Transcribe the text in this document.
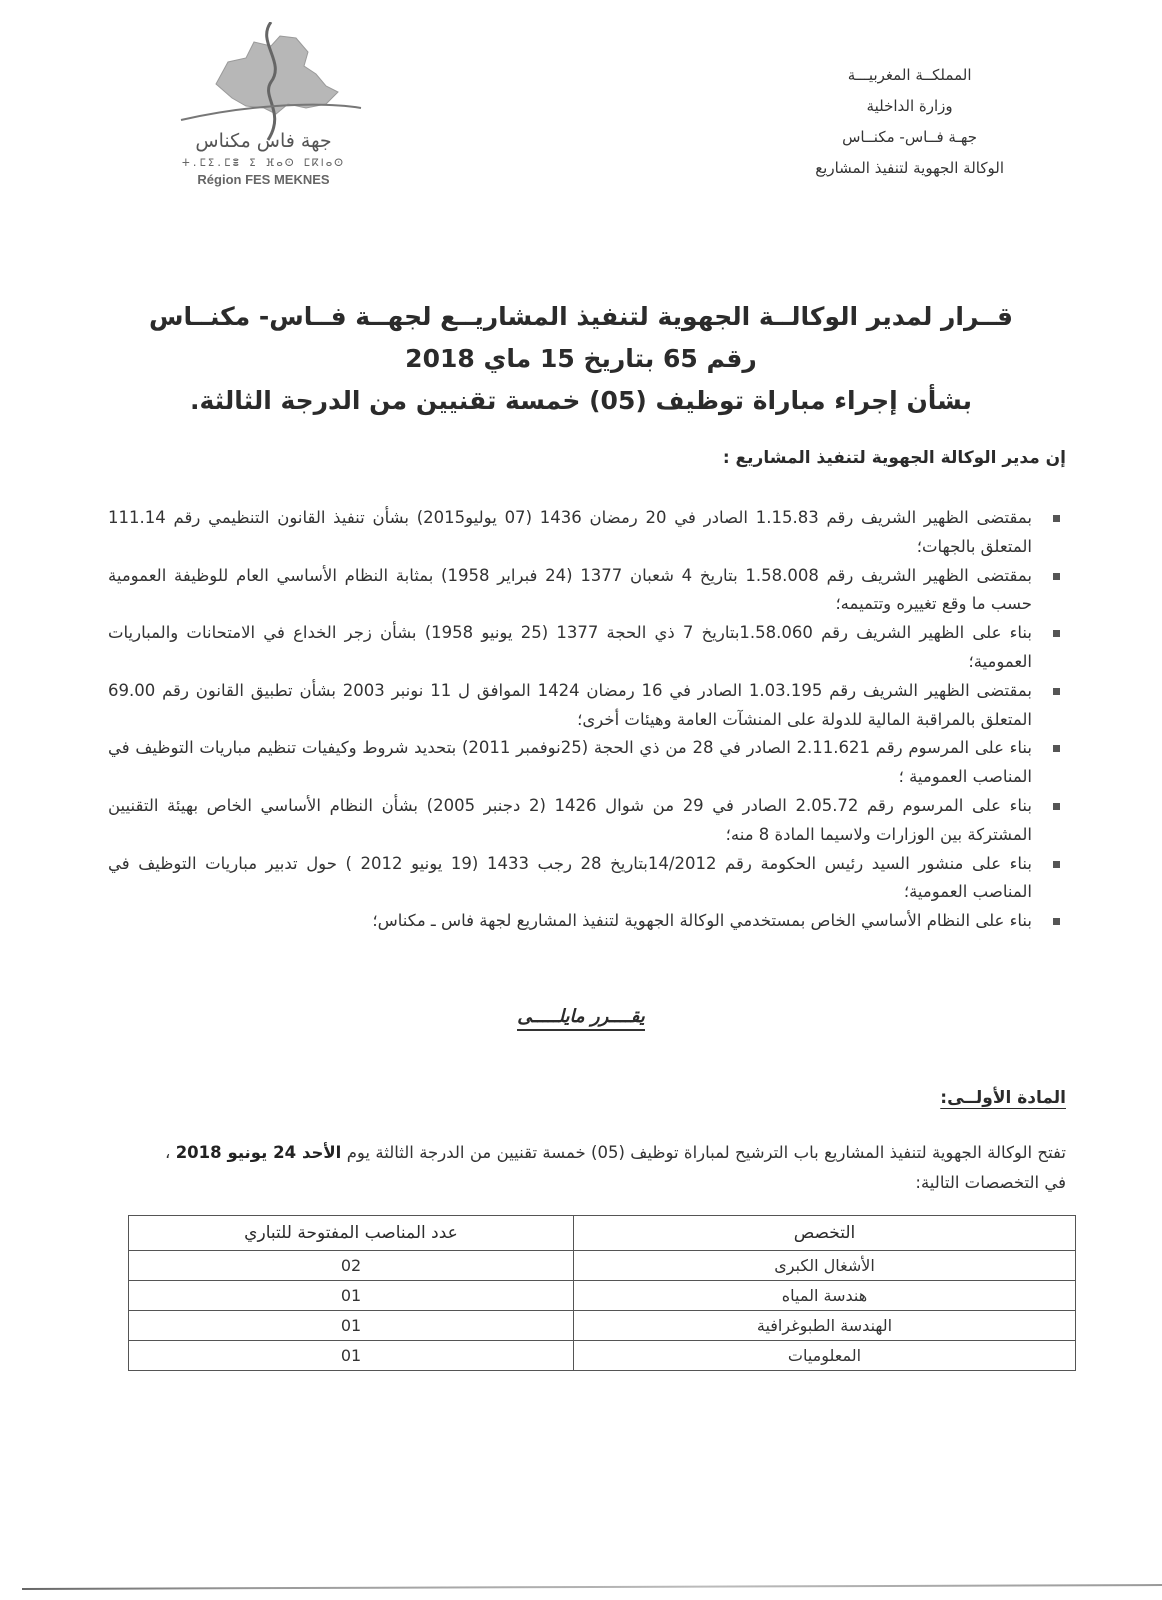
جهة فاس مكناس
ⵜ.ⵎⵉ.ⵎⴻ ⵉ ⴼⴰⵙ ⵎⴽⵏⴰⵙ
Région FES MEKNES
المملكــة المغربيـــة
وزارة الداخلية
جهـة فــاس- مكنــاس
الوكالة الجهوية لتنفيذ المشاريع
قــرار لمدير الوكالــة الجهوية لتنفيذ المشاريــع لجهــة فــاس- مكنــاس
رقم 65 بتاريخ 15 ماي 2018
بشأن إجراء مباراة توظيف (05) خمسة تقنيين من الدرجة الثالثة.
إن مدير الوكالة الجهوية لتنفيذ المشاريع :
بمقتضى الظهير الشريف رقم 1.15.83 الصادر في 20 رمضان 1436 (07 يوليو2015) بشأن تنفيذ القانون التنظيمي رقم 111.14 المتعلق بالجهات؛
بمقتضى الظهير الشريف رقم 1.58.008 بتاريخ 4 شعبان 1377 (24 فبراير 1958) بمثابة النظام الأساسي العام للوظيفة العمومية حسب ما وقع تغييره وتتميمه؛
بناء على الظهير الشريف رقم 1.58.060بتاريخ 7 ذي الحجة 1377 (25 يونيو 1958) بشأن زجر الخداع في الامتحانات والمباريات العمومية؛
بمقتضى الظهير الشريف رقم 1.03.195 الصادر في 16 رمضان 1424 الموافق ل 11 نونبر 2003 بشأن تطبيق القانون رقم 69.00 المتعلق بالمراقبة المالية للدولة على المنشآت العامة وهيئات أخرى؛
بناء على المرسوم رقم 2.11.621 الصادر في 28 من ذي الحجة (25نوفمبر 2011) بتحديد شروط وكيفيات تنظيم مباريات التوظيف في المناصب العمومية ؛
بناء على المرسوم رقم 2.05.72 الصادر في 29 من شوال 1426 (2 دجنبر 2005) بشأن النظام الأساسي الخاص بهيئة التقنيين المشتركة بين الوزارات ولاسيما المادة 8 منه؛
بناء على منشور السيد رئيس الحكومة رقم 14/2012بتاريخ 28 رجب 1433 (19 يونيو 2012 ) حول تدبير مباريات التوظيف في المناصب العمومية؛
بناء على النظام الأساسي الخاص بمستخدمي الوكالة الجهوية لتنفيذ المشاريع لجهة فاس ـ مكناس؛
يقــــرر مايلـــــى
المادة الأولــى:
تفتح الوكالة الجهوية لتنفيذ المشاريع باب الترشيح لمباراة توظيف (05) خمسة تقنيين من الدرجة الثالثة يوم الأحد 24 يونيو 2018 ، في التخصصات التالية:
التخصص	عدد المناصب المفتوحة للتباري
الأشغال الكبرى	02
هندسة المياه	01
الهندسة الطبوغرافية	01
المعلوميات	01
